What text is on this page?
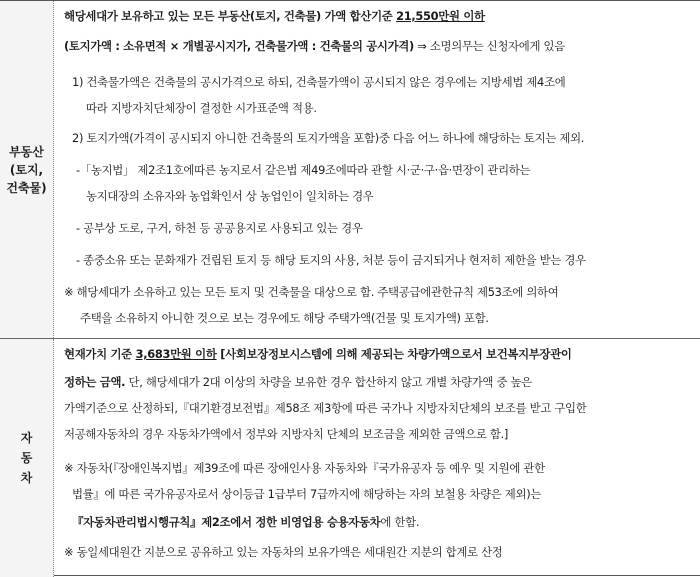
부동산
(토지,
건축물)
해당세대가 보유하고 있는 모든 부동산(토지, 건축물) 가액 합산기준 21,550만원 이하
(토지가액 : 소유면적 × 개별공시지가, 건축물가액 : 건축물의 공시가격) ⇒ 소명의무는 신청자에게 있음
1) 건축물가액은 건축물의 공시가격으로 하되, 건축물가액이 공시되지 않은 경우에는 지방세법 제4조에
따라 지방자치단체장이 결정한 시가표준액 적용.
2) 토지가액(가격이 공시되지 아니한 건축물의 토지가액을 포함)중 다음 어느 하나에 해당하는 토지는 제외.
-「농지법」 제2조1호에따른 농지로서 같은법 제49조에따라 관할 시·군·구·읍·면장이 관리하는
농지대장의 소유자와 농업확인서 상 농업인이 일치하는 경우
- 공부상 도로, 구거, 하천 등 공공용지로 사용되고 있는 경우
- 종중소유 또는 문화재가 건립된 토지 등 해당 토지의 사용, 처분 등이 금지되거나 현저히 제한을 받는 경우
※ 해당세대가 소유하고 있는 모든 토지 및 건축물을 대상으로 함. 주택공급에관한규칙 제53조에 의하여
주택을 소유하지 아니한 것으로 보는 경우에도 해당 주택가액(건물 및 토지가액) 포함.
자동차
현재가치 기준 3,683만원 이하 [사회보장정보시스템에 의해 제공되는 차량가액으로서 보건복지부장관이
정하는 금액. 단, 해당세대가 2대 이상의 차량을 보유한 경우 합산하지 않고 개별 차량가액 중 높은
가액기준으로 산정하되,『대기환경보전법』제58조 제3항에 따른 국가나 지방자치단체의 보조를 받고 구입한
저공해자동차의 경우 자동차가액에서 정부와 지방자치 단체의 보조금을 제외한 금액으로 함.]
※ 자동차(『장애인복지법』제39조에 따른 장애인사용 자동차와『국가유공자 등 예우 및 지원에 관한
법률』에 따른 국가유공자로서 상이등급 1급부터 7급까지에 해당하는 자의 보철용 차량은 제외)는
『자동차관리법시행규칙』제2조에서 정한 비영업용 승용자동차에 한함.
※ 동일세대원간 지분으로 공유하고 있는 자동차의 보유가액은 세대원간 지분의 합계로 산정
